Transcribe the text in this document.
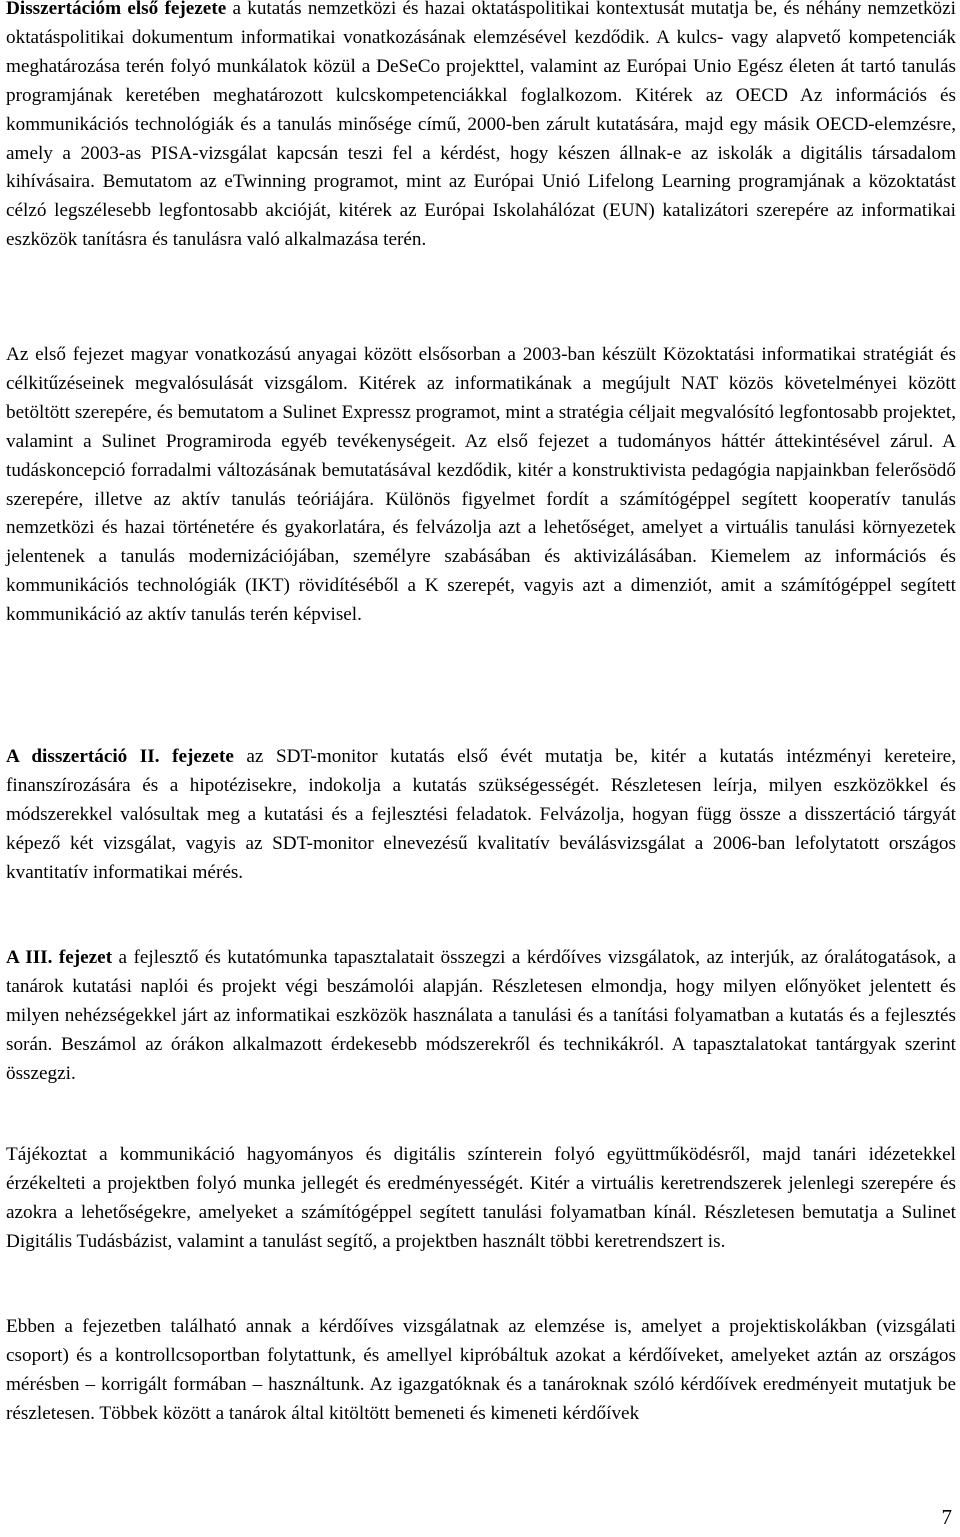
Disszertációm első fejezete a kutatás nemzetközi és hazai oktatáspolitikai kontextusát mutatja be, és néhány nemzetközi oktatáspolitikai dokumentum informatikai vonatkozásának elemzésével kezdődik. A kulcs- vagy alapvető kompetenciák meghatározása terén folyó munkálatok közül a DeSeCo projekttel, valamint az Európai Unio Egész életen át tartó tanulás programjának keretében meghatározott kulcskompetenciákkal foglalkozom. Kitérek az OECD Az információs és kommunikációs technológiák és a tanulás minősége című, 2000-ben zárult kutatására, majd egy másik OECD-elemzésre, amely a 2003-as PISA-vizsgálat kapcsán teszi fel a kérdést, hogy készen állnak-e az iskolák a digitális társadalom kihívásaira. Bemutatom az eTwinning programot, mint az Európai Unió Lifelong Learning programjának a közoktatást célzó legszélesebb legfontosabb akcióját, kitérek az Európai Iskolahálózat (EUN) katalizátori szerepére az informatikai eszközök tanításra és tanulásra való alkalmazása terén.

Az első fejezet magyar vonatkozású anyagai között elsősorban a 2003-ban készült Közoktatási informatikai stratégiát és célkitűzéseinek megvalósulását vizsgálom. Kitérek az informatikának a megújult NAT közös követelményei között betöltött szerepére, és bemutatom a Sulinet Expressz programot, mint a stratégia céljait megvalósító legfontosabb projektet, valamint a Sulinet Programiroda egyéb tevékenységeit. Az első fejezet a tudományos háttér áttekintésével zárul. A tudáskoncepció forradalmi változásának bemutatásával kezdődik, kitér a konstruktivista pedagógia napjainkban felerősödő szerepére, illetve az aktív tanulás teóriájára. Különös figyelmet fordít a számítógéppel segített kooperatív tanulás nemzetközi és hazai történetére és gyakorlatára, és felvázolja azt a lehetőséget, amelyet a virtuális tanulási környezetek jelentenek a tanulás modernizációjában, személyre szabásában és aktivizálásában. Kiemelem az információs és kommunikációs technológiák (IKT) rövidítéséből a K szerepét, vagyis azt a dimenziót, amit a számítógéppel segített kommunikáció az aktív tanulás terén képvisel.

A disszertáció II. fejezete az SDT-monitor kutatás első évét mutatja be, kitér a kutatás intézményi kereteire, finanszírozására és a hipotézisekre, indokolja a kutatás szükségességét. Részletesen leírja, milyen eszközökkel és módszerekkel valósultak meg a kutatási és a fejlesztési feladatok. Felvázolja, hogyan függ össze a disszertáció tárgyát képező két vizsgálat, vagyis az SDT-monitor elnevezésű kvalitatív beválásvizsgálat a 2006-ban lefolytatott országos kvantitatív informatikai mérés.

A III. fejezet a fejlesztő és kutatómunka tapasztalatait összegzi a kérdőíves vizsgálatok, az interjúk, az óralátogatások, a tanárok kutatási naplói és projekt végi beszámolói alapján. Részletesen elmondja, hogy milyen előnyöket jelentett és milyen nehézségekkel járt az informatikai eszközök használata a tanulási és a tanítási folyamatban a kutatás és a fejlesztés során. Beszámol az órákon alkalmazott érdekesebb módszerekről és technikákról. A tapasztalatokat tantárgyak szerint összegzi.

Tájékoztat a kommunikáció hagyományos és digitális színterein folyó együttműködésről, majd tanári idézetekkel érzékelteti a projektben folyó munka jellegét és eredményességét. Kitér a virtuális keretrendszerek jelenlegi szerepére és azokra a lehetőségekre, amelyeket a számítógéppel segített tanulási folyamatban kínál. Részletesen bemutatja a Sulinet Digitális Tudásbázist, valamint a tanulást segítő, a projektben használt többi keretrendszert is.

Ebben a fejezetben található annak a kérdőíves vizsgálatnak az elemzése is, amelyet a projektiskolákban (vizsgálati csoport) és a kontrollcsoportban folytattunk, és amellyel kipróbáltuk azokat a kérdőíveket, amelyeket aztán az országos mérésben – korrigált formában – használtunk. Az igazgatóknak és a tanároknak szóló kérdőívek eredményeit mutatjuk be részletesen. Többek között a tanárok által kitöltött bemeneti és kimeneti kérdőívek

7
